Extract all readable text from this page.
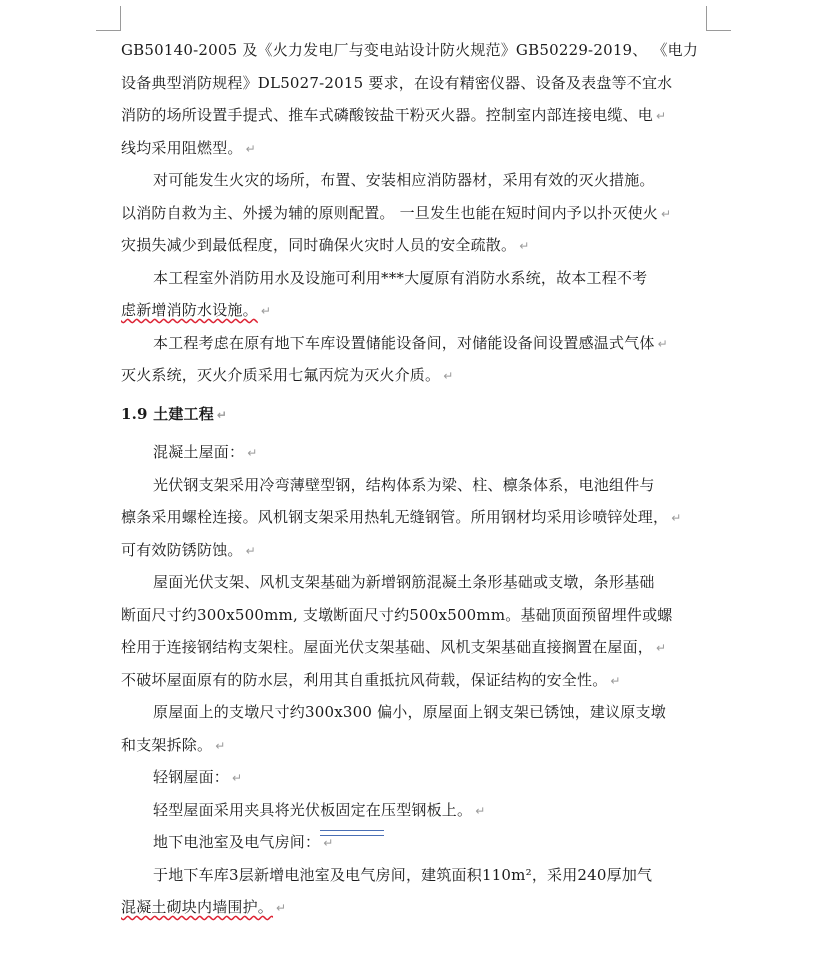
GB50140-2005 及《火力发电厂与变电站设计防火规范》GB50229-2019、 《电力
设备典型消防规程》DL5027-2015 要求，在设有精密仪器、设备及表盘等不宜水
消防的场所设置手提式、推车式磷酸铵盐干粉灭火器。控制室内部连接电缆、电 ↵
线均采用阻燃型。 ↵
对可能发生火灾的场所，布置、安装相应消防器材，采用有效的灭火措施。
以消防自救为主、外援为辅的原则配置。 一旦发生也能在短时间内予以扑灭使火 ↵
灾损失减少到最低程度，同时确保火灾时人员的安全疏散。 ↵
本工程室外消防用水及设施可利用***大厦原有消防水系统，故本工程不考
虑新增消防水设施。 ↵
本工程考虑在原有地下车库设置储能设备间，对储能设备间设置感温式气体 ↵
灭火系统，灭火介质采用七氟丙烷为灭火介质。 ↵
1.9 土建工程 ↵
混凝土屋面： ↵
光伏钢支架采用冷弯薄壁型钢，结构体系为梁、柱、檩条体系，电池组件与
檩条采用螺栓连接。风机钢支架采用热轧无缝钢管。所用钢材均采用诊喷锌处理， ↵
可有效防锈防蚀。 ↵
屋面光伏支架、风机支架基础为新增钢筋混凝土条形基础或支墩，条形基础
断面尺寸约300x500mm, 支墩断面尺寸约500x500mm。基础顶面预留埋件或螺
栓用于连接钢结构支架柱。屋面光伏支架基础、风机支架基础直接搁置在屋面， ↵
不破坏屋面原有的防水层，利用其自重抵抗风荷载，保证结构的安全性。 ↵
原屋面上的支墩尺寸约300x300 偏小，原屋面上钢支架已锈蚀，建议原支墩
和支架拆除。 ↵
轻钢屋面： ↵
轻型屋面采用夹具将光伏板固定在压型钢板上。 ↵
地下电池室及电气房间： ↵
于地下车库3层新增电池室及电气房间，建筑面积110m²，采用240厚加气
混凝土砌块内墙围护。 ↵
